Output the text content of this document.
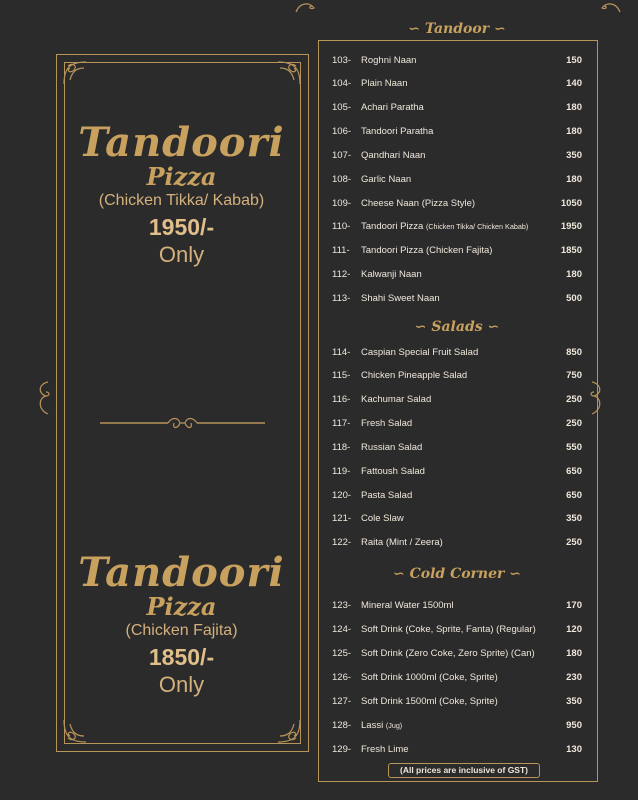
Tandoori
Pizza
(Chicken Tikka/ Kabab)
1950/-
Only
Tandoori
Pizza
(Chicken Fajita)
1850/-
Only
∽ Tandoor ∽
∽ Salads ∽
∽ Cold Corner ∽
103-	Roghni Naan	150
104-	Plain Naan	140
105-	Achari Paratha	180
106-	Tandoori Paratha	180
107-	Qandhari Naan	350
108-	Garlic Naan	180
109-	Cheese Naan (Pizza Style)	1050
110-	Tandoori Pizza (Chicken Tikka/ Chicken Kabab)	1950
111-	Tandoori Pizza (Chicken Fajita)	1850
112-	Kalwanji Naan	180
113-	Shahi Sweet Naan	500
114-	Caspian Special Fruit Salad	850
115-	Chicken Pineapple Salad	750
116-	Kachumar Salad	250
117-	Fresh Salad	250
118-	Russian Salad	550
119-	Fattoush Salad	650
120-	Pasta Salad	650
121-	Cole Slaw	350
122-	Raita (Mint / Zeera)	250
123-	Mineral Water 1500ml	170
124-	Soft Drink (Coke, Sprite, Fanta) (Regular)	120
125-	Soft Drink (Zero Coke, Zero Sprite) (Can)	180
126-	Soft Drink 1000ml (Coke, Sprite)	230
127-	Soft Drink 1500ml (Coke, Sprite)	350
128-	Lassi (Jug)	950
129-	Fresh Lime	130
(All prices are inclusive of GST)
